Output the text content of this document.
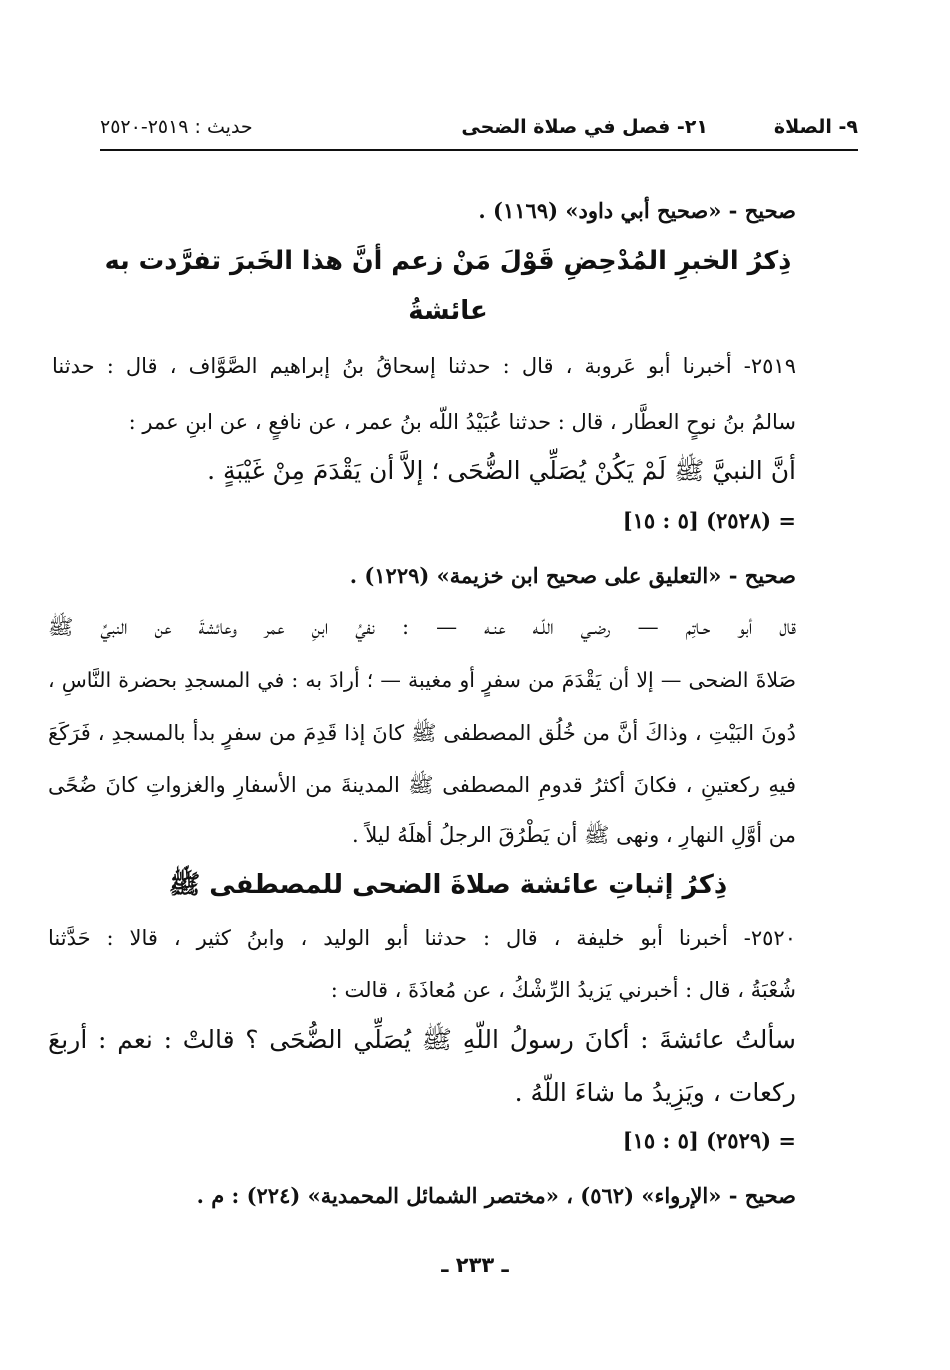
٩- الصلاة
٢١- فصل في صلاة الضحى
حديث : ٢٥١٩-٢٥٢٠
صحيح - «صحيح أبي داود» (١١٦٩) .
ذِكرُ الخبرِ المُدْحِضِ قَوْلَ مَنْ زعم أنَّ هذا الخَبرَ تفرَّدت به
عائشةُ
٢٥١٩- أخبرنا أبو عَروبة ، قال : حدثنا إسحاقُ بنُ إبراهيم الصَّوَّاف ، قال : حدثنا
سالمُ بنُ نوحٍ العطَّار ، قال : حدثنا عُبَيْدُ اللّه بنُ عمر ، عن نافعٍ ، عن ابنِ عمر :
أنَّ النبيَّ ﷺ لَمْ يَكُنْ يُصَلِّي الضُّحَى ؛ إلاَّ أن يَقْدَمَ مِنْ غَيْبَةٍ .
= (٢٥٢٨) [٥ : ١٥]
صحيح - «التعليق على صحيح ابن خزيمة» (١٢٢٩) .
قال أبو حـاتِم — رضـي اللّـه عنـه — : نفيُ ابنِ عمر وعائشةَ عن النبيِّ ﷺ
صَلاةَ الضحى — إلا أن يَقْدَمَ من سفرٍ أو مغيبة — ؛ أرادَ به : في المسجدِ بحضرة النَّاسِ ،
دُونَ البَيْتِ ، وذاكَ أنَّ من خُلُق المصطفى ﷺ كانَ إذا قَدِمَ من سفرٍ بدأ بالمسجدِ ، فَرَكَعَ
فيهِ ركعتينِ ، فكانَ أكثرُ قدومِ المصطفى ﷺ المدينةَ من الأسفارِ والغزواتِ كانَ ضُحًى
من أوَّلِ النهارِ ، ونهى ﷺ أن يَطْرُقَ الرجلُ أهلَهُ ليلاً .
ذِكرُ إثباتِ عائشة صلاةَ الضحى للمصطفى ﷺ
٢٥٢٠- أخبرنا أبو خليفة ، قال : حدثنا أبو الوليد ، وابنُ كثير ، قالا : حَدَّثنا
شُعْبَةُ ، قال : أخبرني يَزيدُ الرِّشْكُ ، عن مُعاذَةَ ، قالت :
سألتُ عائشةَ : أكانَ رسولُ اللّهِ ﷺ يُصَلِّي الضُّحَى ؟ قالتْ : نعم : أربعَ
ركعات ، ويَزِيدُ ما شاءَ اللّهُ .
= (٢٥٢٩) [٥ : ١٥]
صحيح - «الإرواء» (٥٦٢) ، «مختصر الشمائل المحمدية» (٢٢٤) : م .
ـ ٢٣٣ ـ
